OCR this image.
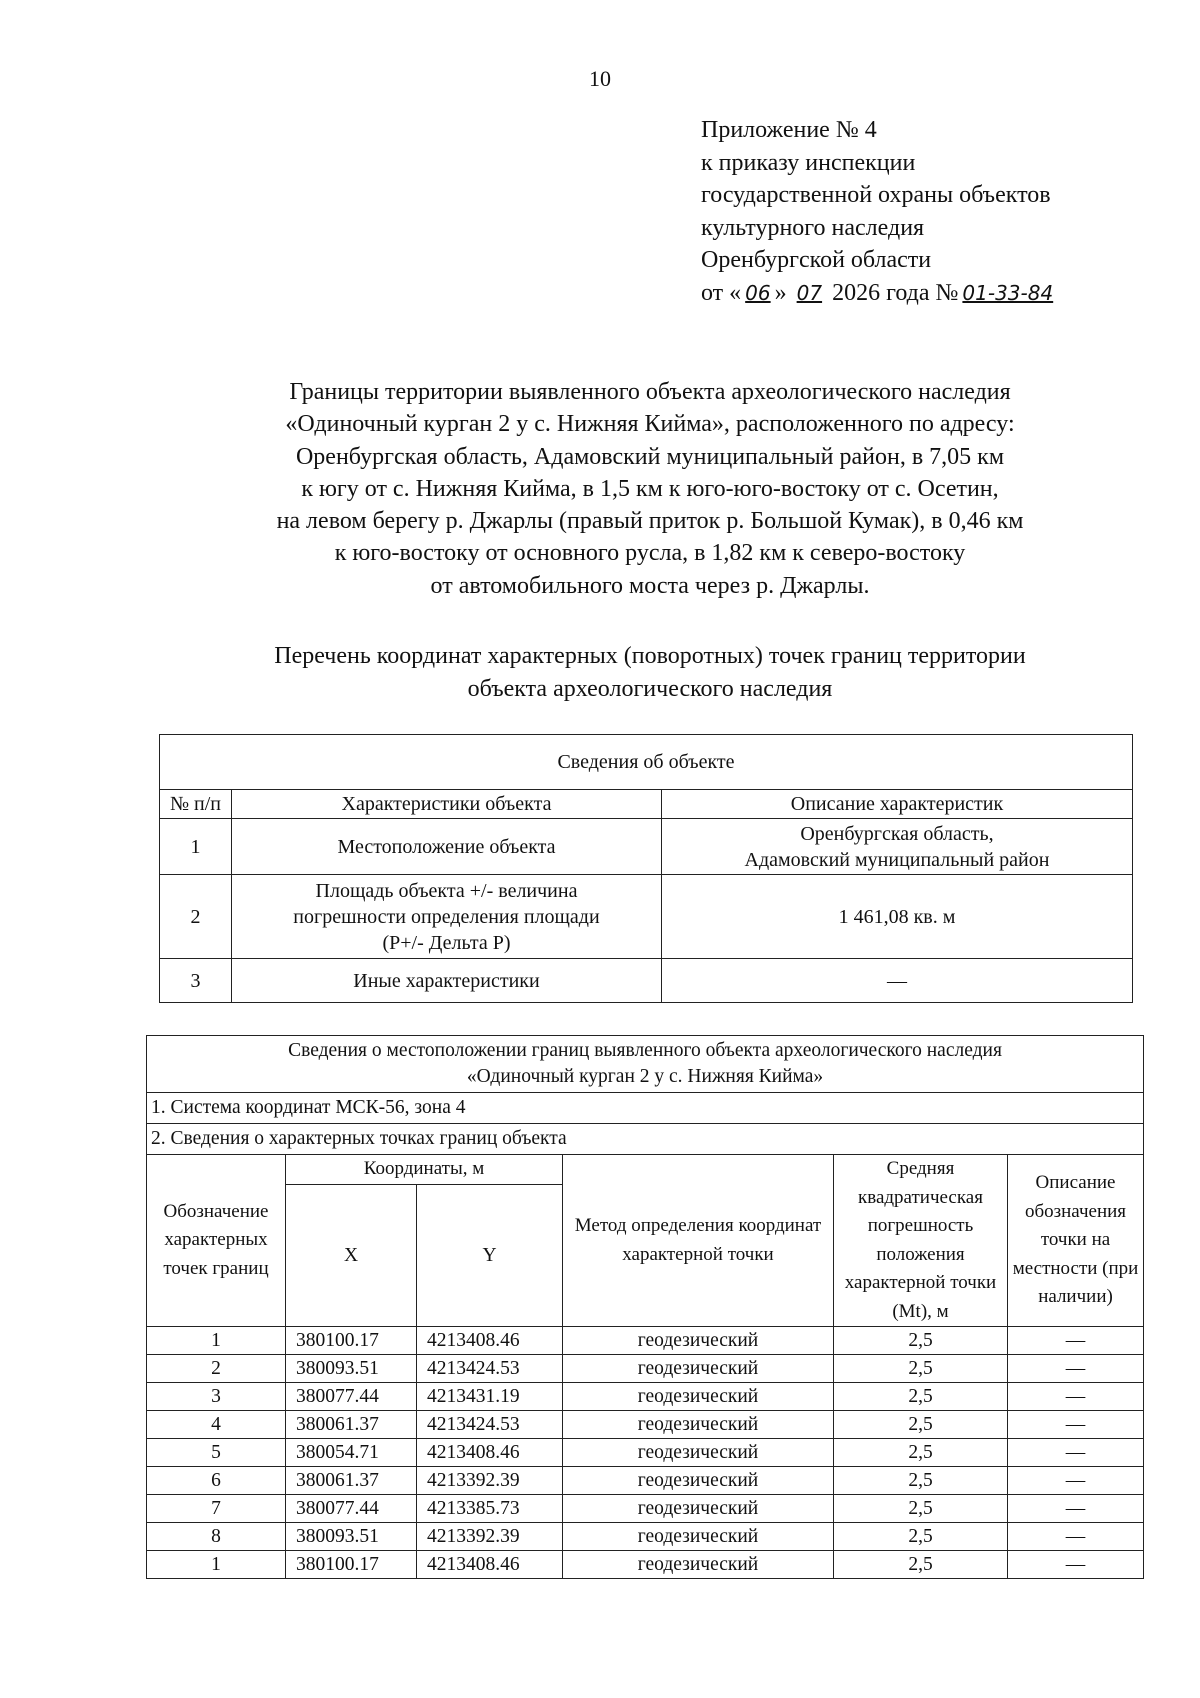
10
Приложение № 4
к приказу инспекции
государственной охраны объектов
культурного наследия
Оренбургской области
от « 06 » 07 2026 года № 01-33-84
Границы территории выявленного объекта археологического наследия
«Одиночный курган 2 у с. Нижняя Кийма», расположенного по адресу:
Оренбургская область, Адамовский муниципальный район, в 7,05 км
к югу от с. Нижняя Кийма, в 1,5 км к юго-юго-востоку от с. Осетин,
на левом берегу р. Джарлы (правый приток р. Большой Кумак), в 0,46 км
к юго-востоку от основного русла, в 1,82 км к северо-востоку
от автомобильного моста через р. Джарлы.
Перечень координат характерных (поворотных) точек границ территории
объекта археологического наследия
Сведения об объекте		
№ п/п	Характеристики объекта	Описание характеристик
1	Местоположение объекта	Оренбургская область,
Адамовский муниципальный район

2	Площадь объекта +/- величина
погрешности определения площади
(P+/- Дельта P)	1 461,08 кв. м
3	Иные характеристики	—
Сведения о местоположении границ выявленного объекта археологического наследия
«Одиночный курган 2 у с. Нижняя Кийма»					

1. Система координат МСК-56, зона 4					
2. Сведения о характерных точках границ объекта					
Обозначение характерных точек границ	Координаты, м		Метод определения координат характерной точки	Средняя квадратическая погрешность положения характерной точки (Mt), м	Описание обозначения точки на местности (при наличии)
	X	Y			
1	380100.17	4213408.46	геодезический	2,5	—
2	380093.51	4213424.53	геодезический	2,5	—
3	380077.44	4213431.19	геодезический	2,5	—
4	380061.37	4213424.53	геодезический	2,5	—
5	380054.71	4213408.46	геодезический	2,5	—
6	380061.37	4213392.39	геодезический	2,5	—
7	380077.44	4213385.73	геодезический	2,5	—
8	380093.51	4213392.39	геодезический	2,5	—
1	380100.17	4213408.46	геодезический	2,5	—
